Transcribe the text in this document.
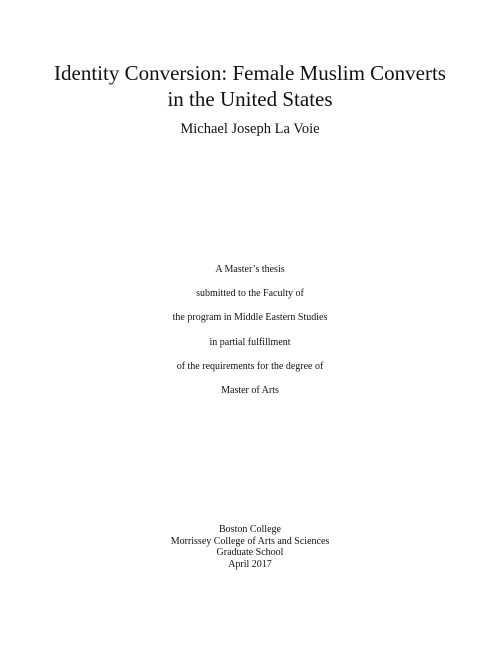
Identity Conversion: Female Muslim Converts
in the United States
Michael Joseph La Voie
A Master’s thesis
submitted to the Faculty of
the program in Middle Eastern Studies
in partial fulfillment
of the requirements for the degree of
Master of Arts
Boston College
Morrissey College of Arts and Sciences
Graduate School
April 2017
